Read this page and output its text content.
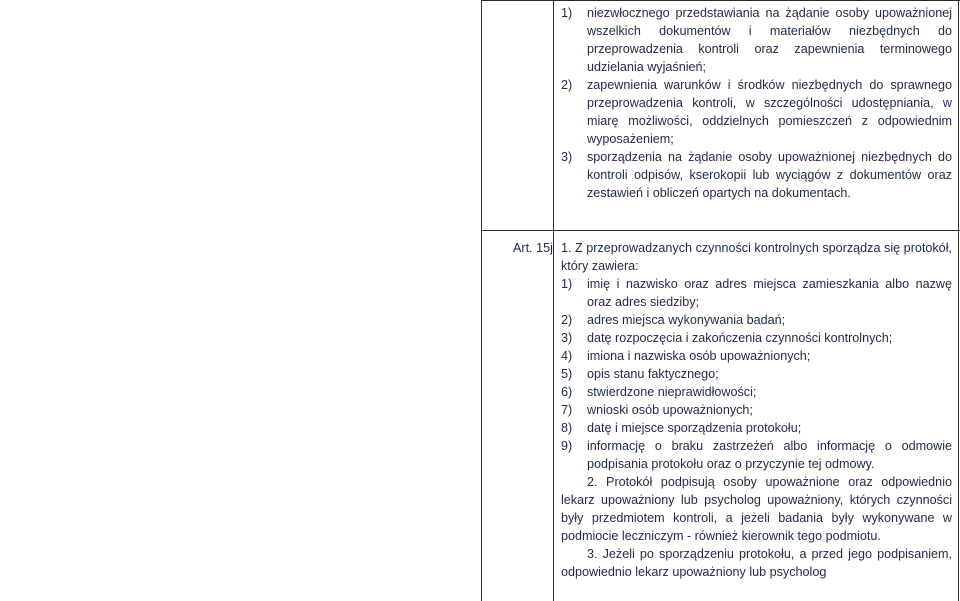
1) niezwłocznego przedstawiania na żądanie osoby upoważnionej wszelkich dokumentów i materiałów niezbędnych do przeprowadzenia kontroli oraz zapewnienia terminowego udzielania wyjaśnień;
2) zapewnienia warunków i środków niezbędnych do sprawnego przeprowadzenia kontroli, w szczególności udostępniania, w miarę możliwości, oddzielnych pomieszczeń z odpowiednim wyposażeniem;
3) sporządzenia na żądanie osoby upoważnionej niezbędnych do kontroli odpisów, kserokopii lub wyciągów z dokumentów oraz zestawień i obliczeń opartych na dokumentach.
Art. 15j 1. Z przeprowadzanych czynności kontrolnych sporządza się protokół, który zawiera:
1) imię i nazwisko oraz adres miejsca zamieszkania albo nazwę oraz adres siedziby;
2) adres miejsca wykonywania badań;
3) datę rozpoczęcia i zakończenia czynności kontrolnych;
4) imiona i nazwiska osób upoważnionych;
5) opis stanu faktycznego;
6) stwierdzone nieprawidłowości;
7) wnioski osób upoważnionych;
8) datę i miejsce sporządzenia protokołu;
9) informację o braku zastrzeżeń albo informację o odmowie podpisania protokołu oraz o przyczynie tej odmowy.
2. Protokół podpisują osoby upoważnione oraz odpowiednio lekarz upoważniony lub psycholog upoważniony, których czynności były przedmiotem kontroli, a jeżeli badania były wykonywane w podmiocie leczniczym - również kierownik tego podmiotu.
3. Jeżeli po sporządzeniu protokołu, a przed jego podpisaniem, odpowiednio lekarz upoważniony lub psycholog
